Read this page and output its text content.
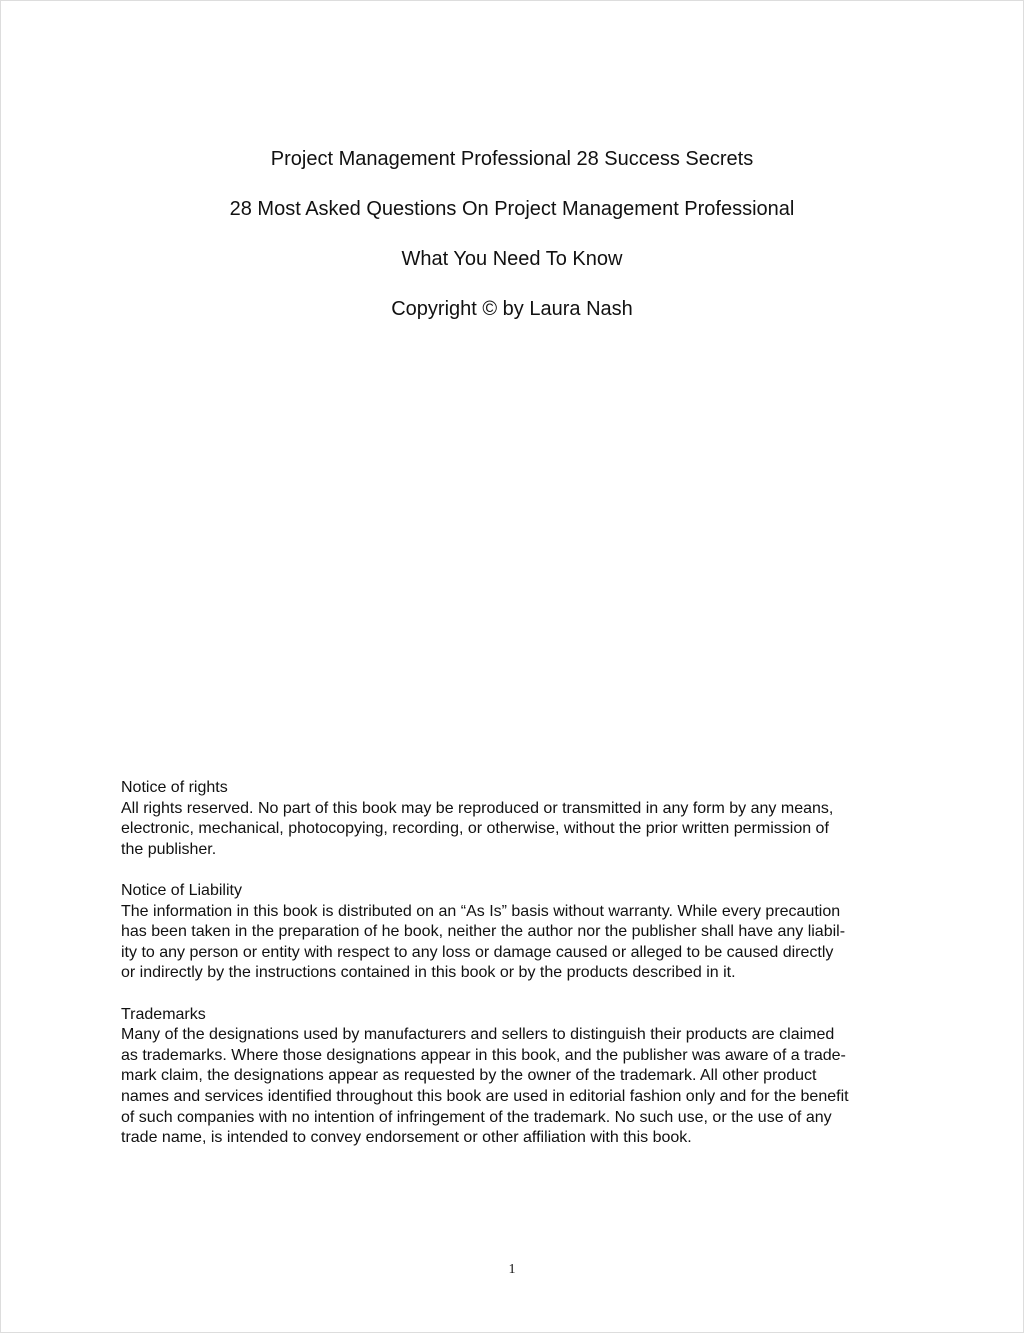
Project Management Professional 28 Success Secrets
28 Most Asked Questions On Project Management Professional
What You Need To Know
Copyright © by Laura Nash
Notice of rights
All rights reserved. No part of this book may be reproduced or transmitted in any form by any means,
electronic, mechanical, photocopying, recording, or otherwise, without the prior written permission of
the publisher.
Notice of Liability
The information in this book is distributed on an “As Is” basis without warranty. While every precaution
has been taken in the preparation of he book, neither the author nor the publisher shall have any liabil-
ity to any person or entity with respect to any loss or damage caused or alleged to be caused directly
or indirectly by the instructions contained in this book or by the products described in it.
Trademarks
Many of the designations used by manufacturers and sellers to distinguish their products are claimed
as trademarks. Where those designations appear in this book, and the publisher was aware of a trade-
mark claim, the designations appear as requested by the owner of the trademark. All other product
names and services identified throughout this book are used in editorial fashion only and for the benefit
of such companies with no intention of infringement of the trademark. No such use, or the use of any
trade name, is intended to convey endorsement or other affiliation with this book.
1
